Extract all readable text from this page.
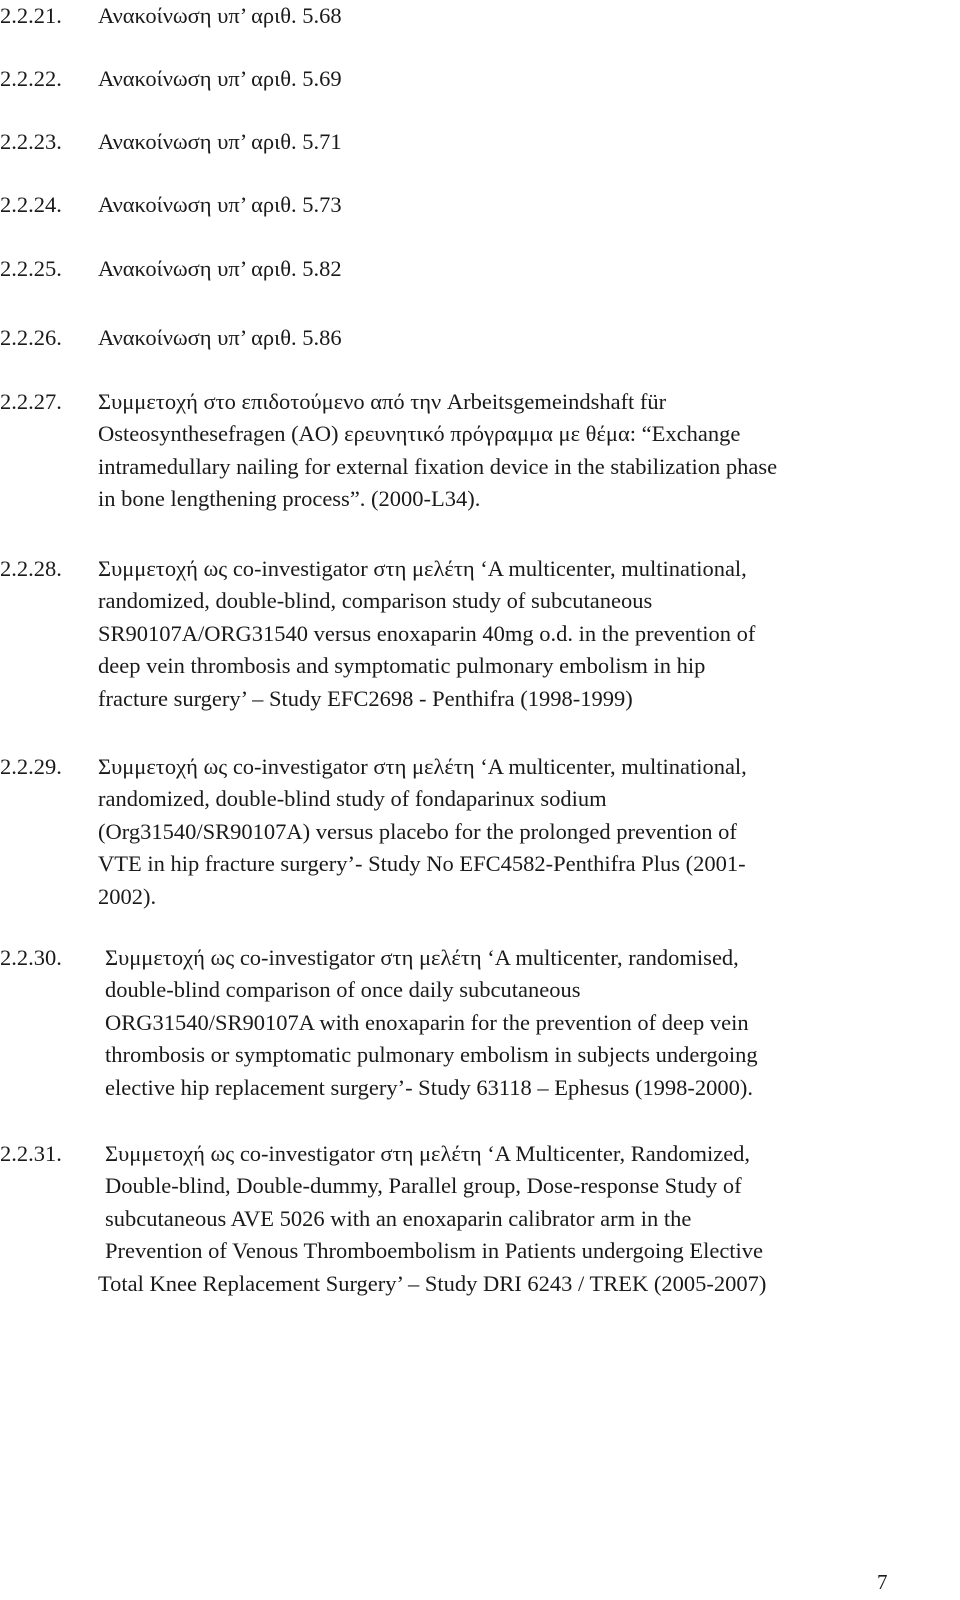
2.2.21. Ανακοίνωση υπ’ αριθ. 5.68
2.2.22. Ανακοίνωση υπ’ αριθ. 5.69
2.2.23. Ανακοίνωση υπ’ αριθ. 5.71
2.2.24. Ανακοίνωση υπ’ αριθ. 5.73
2.2.25. Ανακοίνωση υπ’ αριθ. 5.82
2.2.26. Ανακοίνωση υπ’ αριθ. 5.86
2.2.27. Συμμετοχή στο επιδοτούμενο από την Arbeitsgemeindshaft für
Osteosynthesefragen (AO) ερευνητικό πρόγραμμα με θέμα: “Exchange
intramedullary nailing for external fixation device in the stabilization phase
in bone lengthening process”. (2000-L34).
2.2.28. Συμμετοχή ως co-investigator στη μελέτη ‘A multicenter, multinational,
randomized, double-blind, comparison study of subcutaneous
SR90107A/ORG31540 versus enoxaparin 40mg o.d. in the prevention of
deep vein thrombosis and symptomatic pulmonary embolism in hip
fracture surgery’ – Study EFC2698 - Penthifra (1998-1999)
2.2.29. Συμμετοχή ως co-investigator στη μελέτη ‘A multicenter, multinational,
randomized, double-blind study of fondaparinux sodium
(Org31540/SR90107A) versus placebo for the prolonged prevention of
VTE in hip fracture surgery’- Study No EFC4582-Penthifra Plus (2001-
2002).
2.2.30. Συμμετοχή ως co-investigator στη μελέτη ‘A multicenter, randomised,
double-blind comparison of once daily subcutaneous
ORG31540/SR90107A with enoxaparin for the prevention of deep vein
thrombosis or symptomatic pulmonary embolism in subjects undergoing
elective hip replacement surgery’- Study 63118 – Ephesus (1998-2000).
2.2.31. Συμμετοχή ως co-investigator στη μελέτη ‘A Multicenter, Randomized,
Double-blind, Double-dummy, Parallel group, Dose-response Study of
subcutaneous AVE 5026 with an enoxaparin calibrator arm in the
Prevention of Venous Thromboembolism in Patients undergoing Elective
Total Knee Replacement Surgery’ – Study DRI 6243 / TREK (2005-2007)
7
